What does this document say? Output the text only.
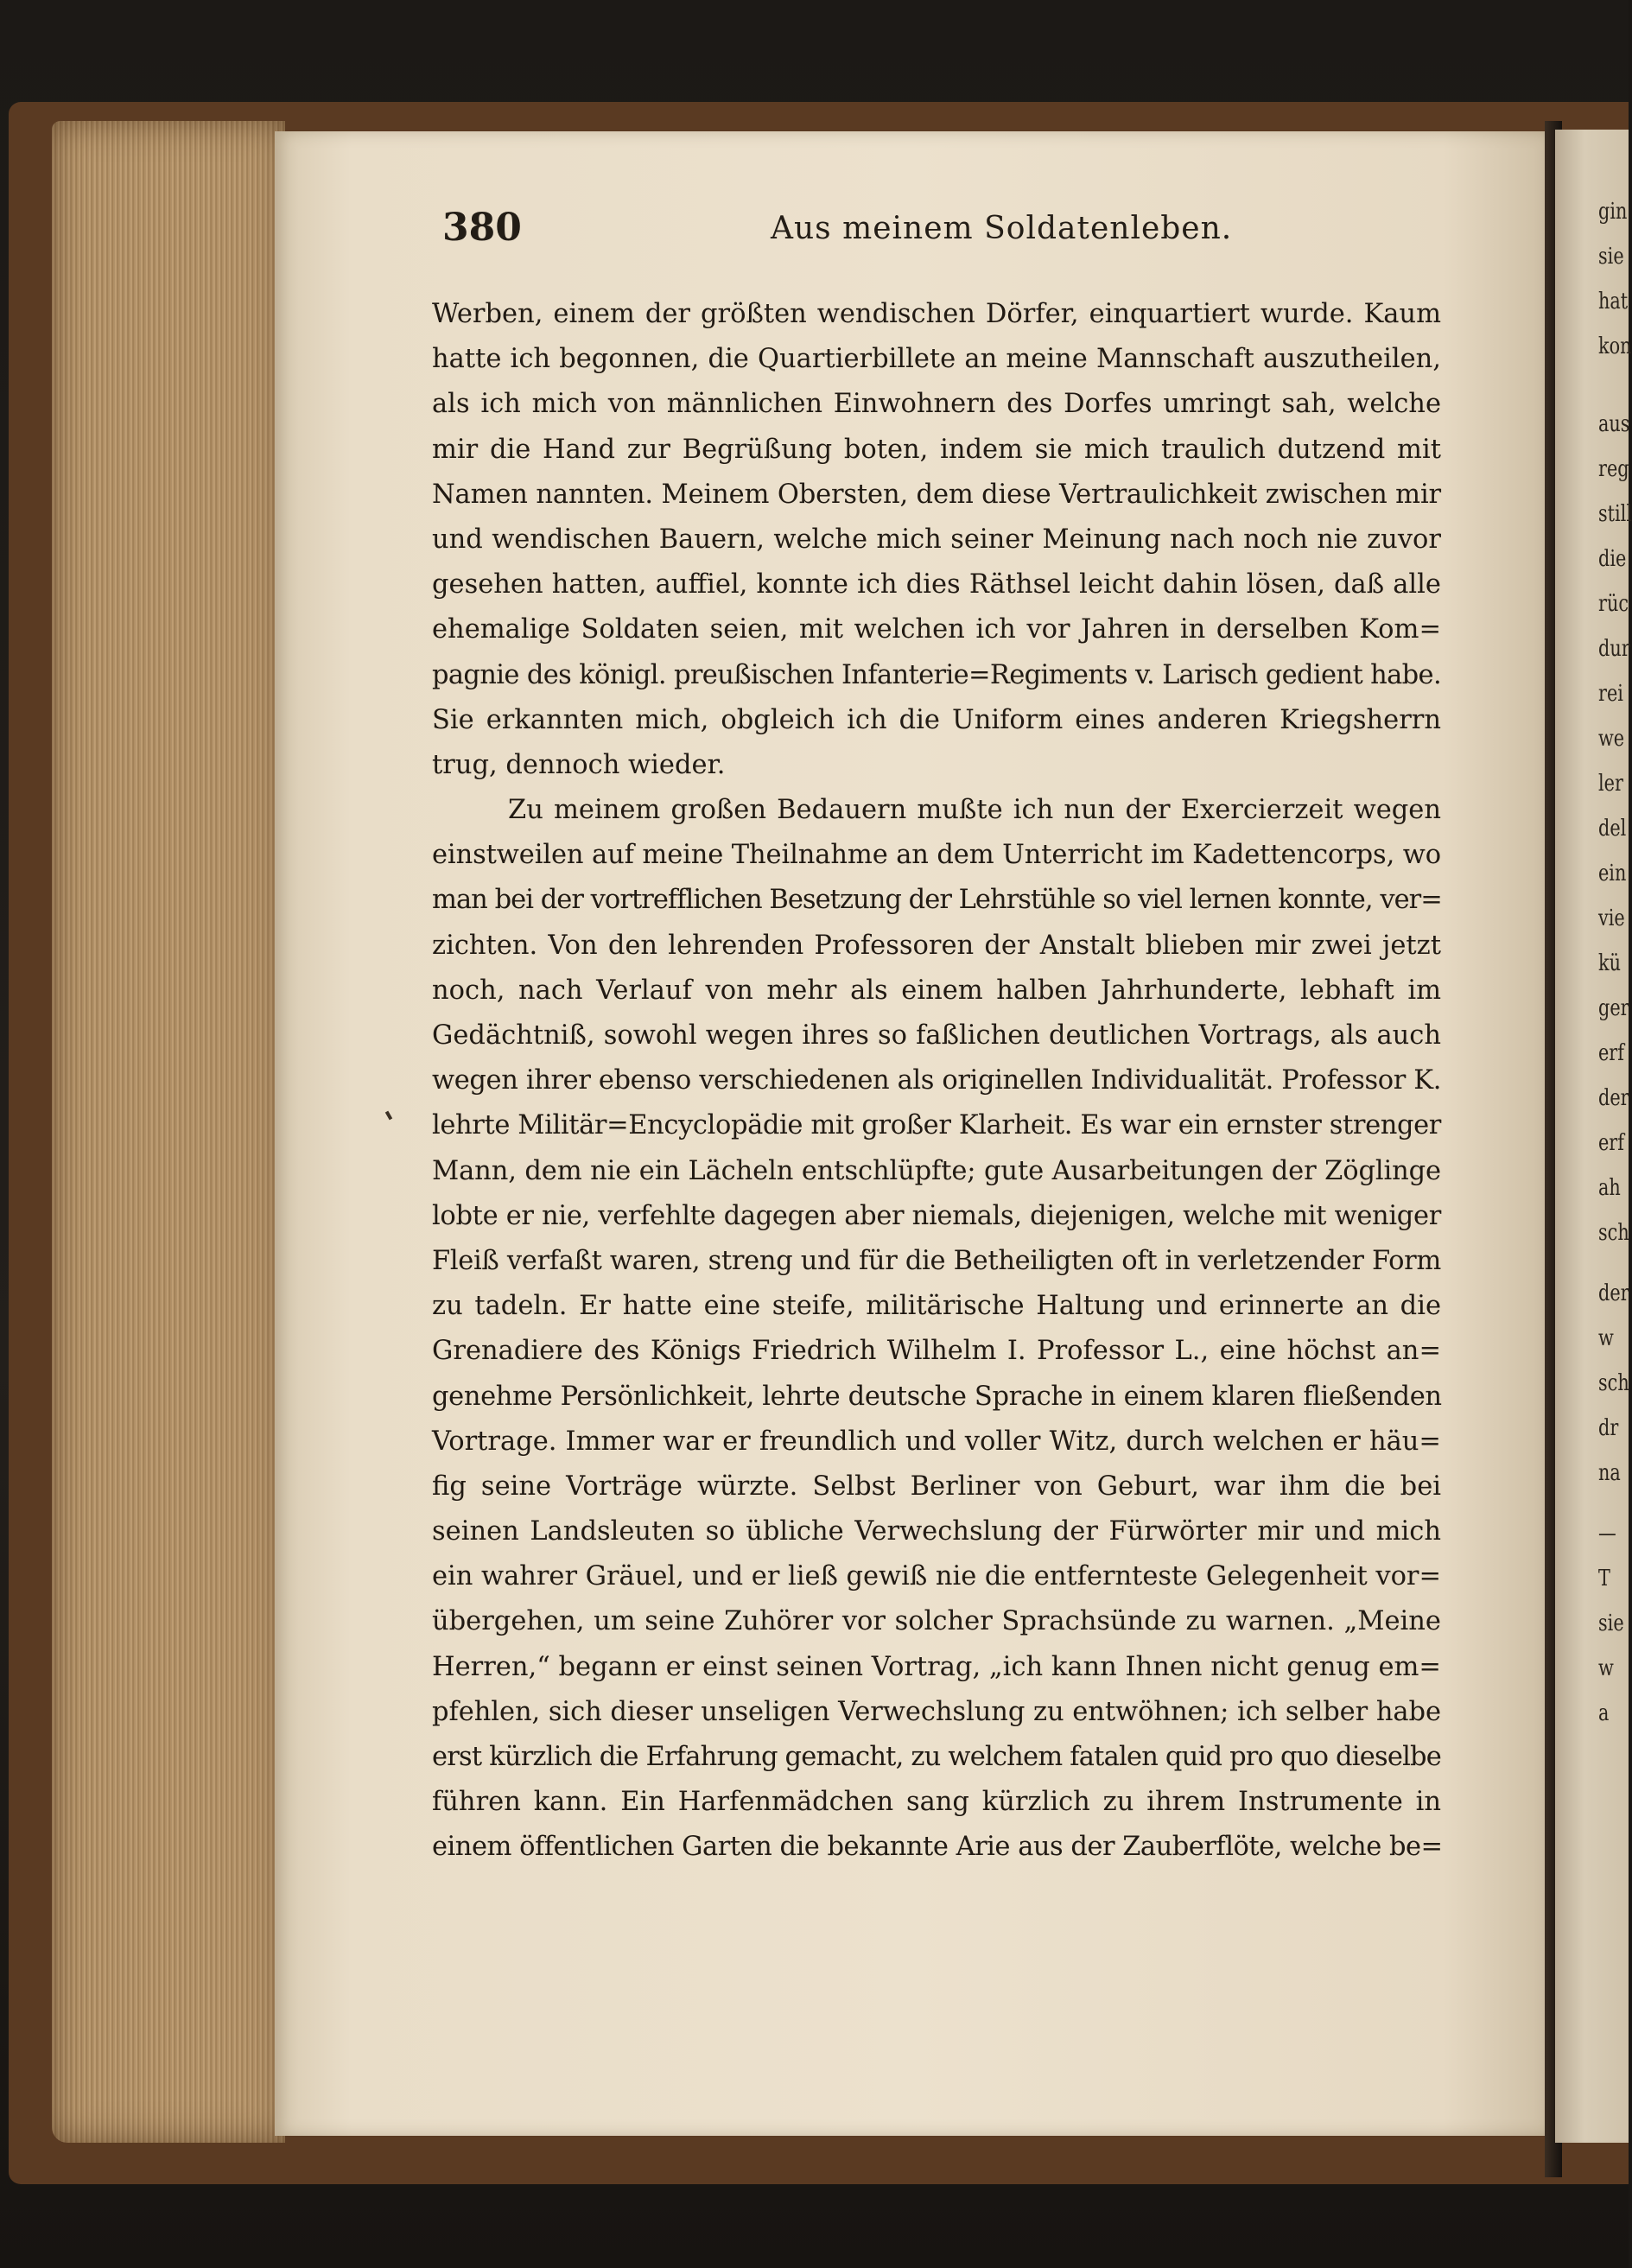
gin
sie
hat
kon
aus
reg
still
die
rüc
dur
rei
we
ler
del
ein
vie
kü
ger
erf
der
erf
ah
sch
der
w
sch
dr
na
—
T
sie
w
a
380	Aus meinem Soldatenleben.
Werben, einem der größten wendischen Dörfer, einquartiert wurde. Kaum
hatte ich begonnen, die Quartierbillete an meine Mannschaft auszutheilen,
als ich mich von männlichen Einwohnern des Dorfes umringt sah, welche
mir die Hand zur Begrüßung boten, indem sie mich traulich dutzend mit
Namen nannten. Meinem Obersten, dem diese Vertraulichkeit zwischen mir
und wendischen Bauern, welche mich seiner Meinung nach noch nie zuvor
gesehen hatten, auffiel, konnte ich dies Räthsel leicht dahin lösen, daß alle
ehemalige Soldaten seien, mit welchen ich vor Jahren in derselben Kom=
pagnie des königl. preußischen Infanterie=Regiments v. Larisch gedient habe.
Sie erkannten mich, obgleich ich die Uniform eines anderen Kriegsherrn
trug, dennoch wieder.
Zu meinem großen Bedauern mußte ich nun der Exercierzeit wegen
einstweilen auf meine Theilnahme an dem Unterricht im Kadettencorps, wo
man bei der vortrefflichen Besetzung der Lehrstühle so viel lernen konnte, ver=
zichten. Von den lehrenden Professoren der Anstalt blieben mir zwei jetzt
noch, nach Verlauf von mehr als einem halben Jahrhunderte, lebhaft im
Gedächtniß, sowohl wegen ihres so faßlichen deutlichen Vortrags, als auch
wegen ihrer ebenso verschiedenen als originellen Individualität. Professor K.
lehrte Militär=Encyclopädie mit großer Klarheit. Es war ein ernster strenger
Mann, dem nie ein Lächeln entschlüpfte; gute Ausarbeitungen der Zöglinge
lobte er nie, verfehlte dagegen aber niemals, diejenigen, welche mit weniger
Fleiß verfaßt waren, streng und für die Betheiligten oft in verletzender Form
zu tadeln. Er hatte eine steife, militärische Haltung und erinnerte an die
Grenadiere des Königs Friedrich Wilhelm I. Professor L., eine höchst an=
genehme Persönlichkeit, lehrte deutsche Sprache in einem klaren fließenden
Vortrage. Immer war er freundlich und voller Witz, durch welchen er häu=
fig seine Vorträge würzte. Selbst Berliner von Geburt, war ihm die bei
seinen Landsleuten so übliche Verwechslung der Fürwörter mir und mich
ein wahrer Gräuel, und er ließ gewiß nie die entfernteste Gelegenheit vor=
übergehen, um seine Zuhörer vor solcher Sprachsünde zu warnen. „Meine
Herren,“ begann er einst seinen Vortrag, „ich kann Ihnen nicht genug em=
pfehlen, sich dieser unseligen Verwechslung zu entwöhnen; ich selber habe
erst kürzlich die Erfahrung gemacht, zu welchem fatalen quid pro quo dieselbe
führen kann. Ein Harfenmädchen sang kürzlich zu ihrem Instrumente in
einem öffentlichen Garten die bekannte Arie aus der Zauberflöte, welche be=
